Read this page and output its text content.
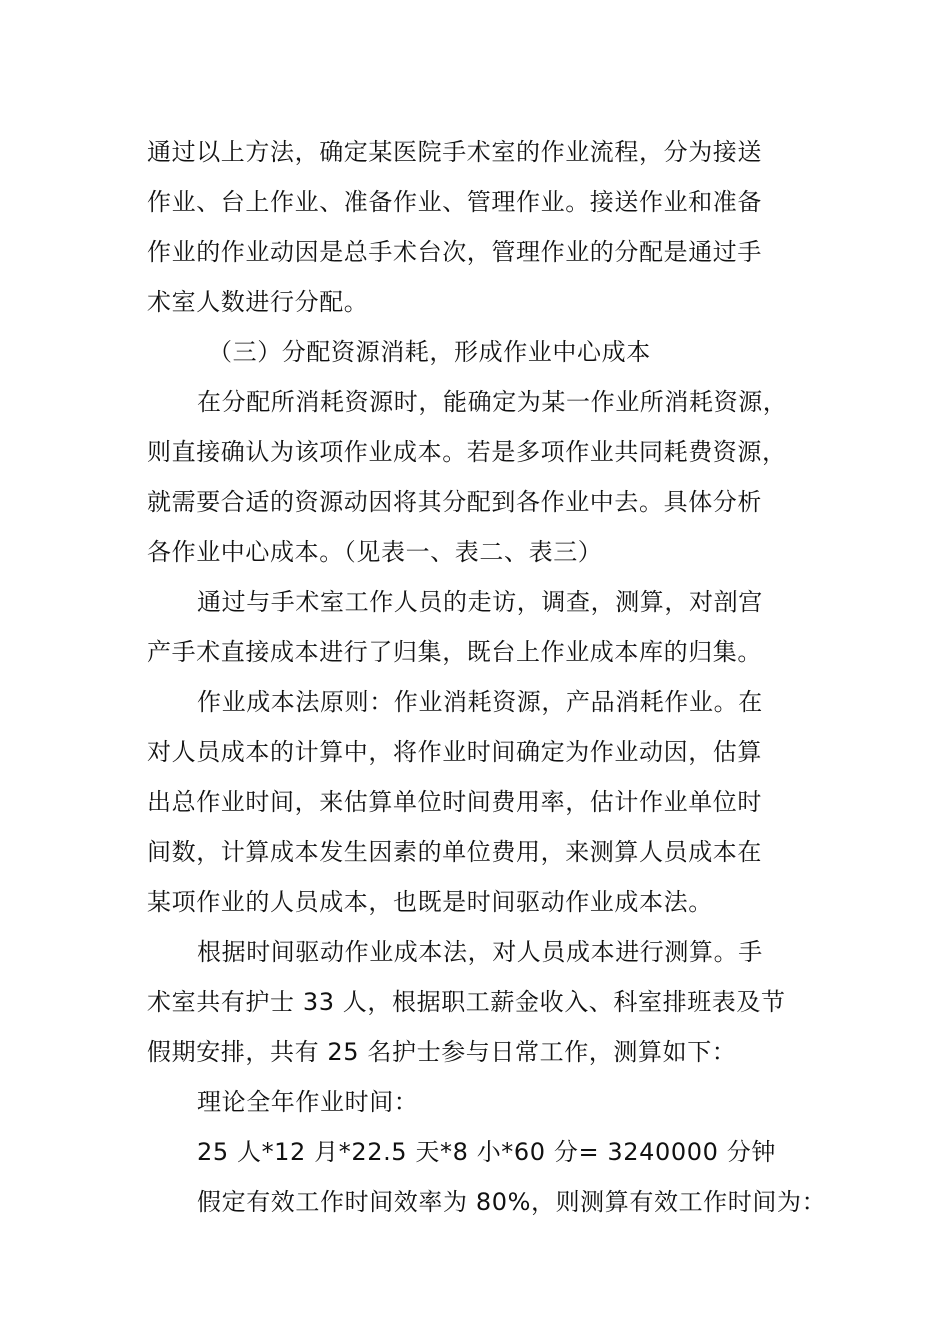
通过以上方法，确定某医院手术室的作业流程，分为接送
作业、台上作业、准备作业、管理作业。接送作业和准备
作业的作业动因是总手术台次，管理作业的分配是通过手
术室人数进行分配。
（三）分配资源消耗，形成作业中心成本
在分配所消耗资源时，能确定为某一作业所消耗资源，
则直接确认为该项作业成本。若是多项作业共同耗费资源，
就需要合适的资源动因将其分配到各作业中去。具体分析
各作业中心成本。（见表一、表二、表三）
通过与手术室工作人员的走访，调查，测算，对剖宫
产手术直接成本进行了归集，既台上作业成本库的归集。
作业成本法原则：作业消耗资源，产品消耗作业。在
对人员成本的计算中，将作业时间确定为作业动因，估算
出总作业时间，来估算单位时间费用率，估计作业单位时
间数，计算成本发生因素的单位费用，来测算人员成本在
某项作业的人员成本，也既是时间驱动作业成本法。
根据时间驱动作业成本法，对人员成本进行测算。手
术室共有护士 33 人，根据职工薪金收入、科室排班表及节
假期安排，共有 25 名护士参与日常工作，测算如下：
理论全年作业时间：
25 人*12 月*22.5 天*8 小*60 分= 3240000 分钟
假定有效工作时间效率为 80%，则测算有效工作时间为：
